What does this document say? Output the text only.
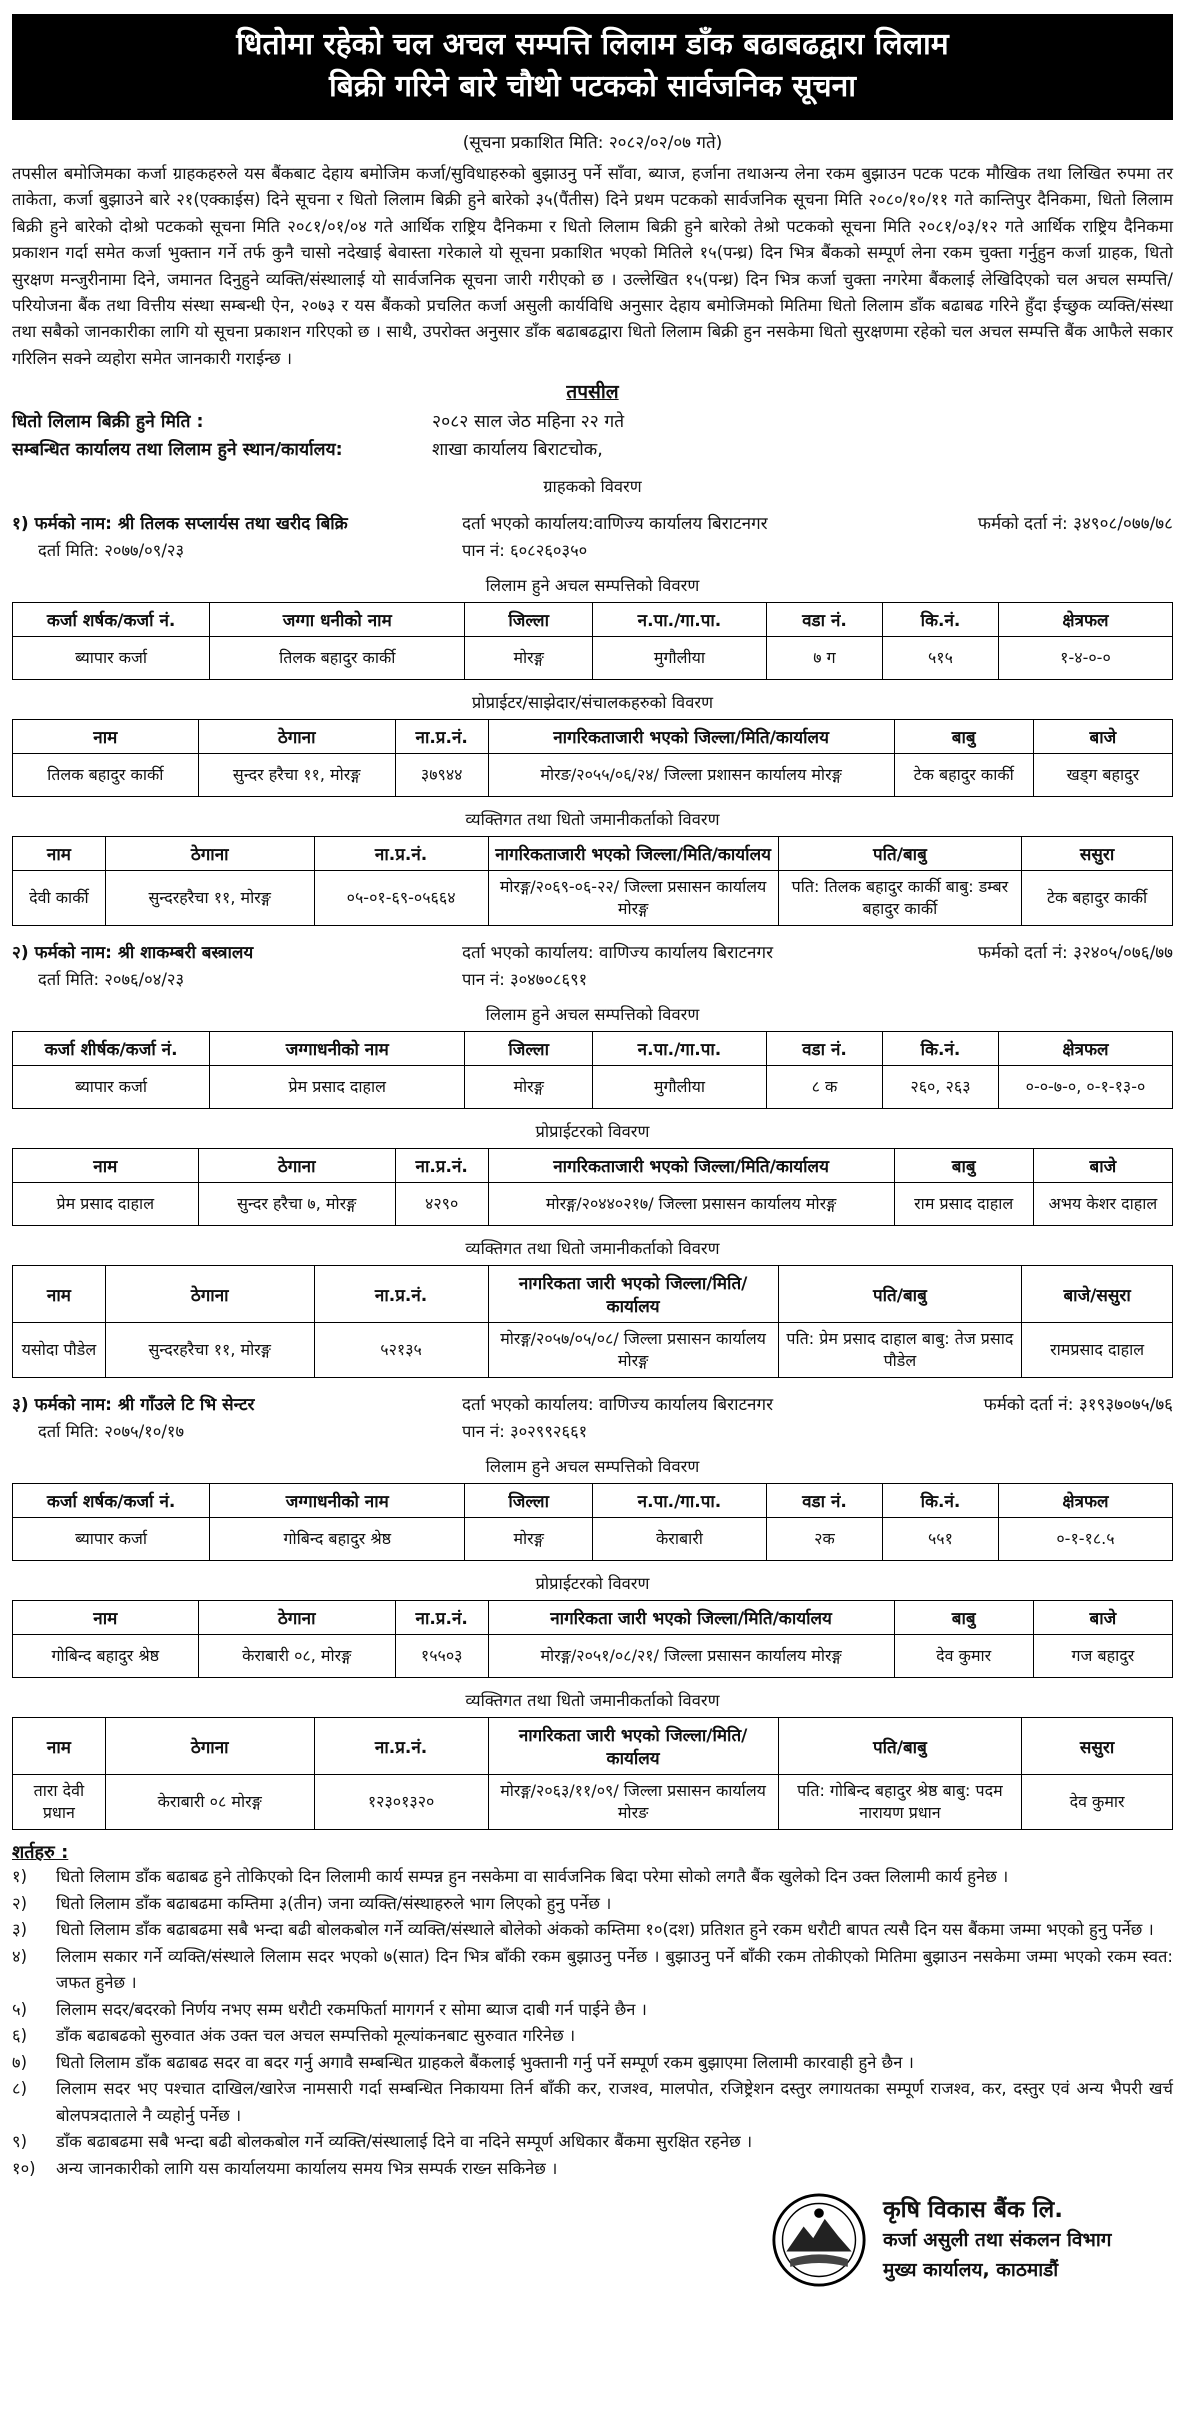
धितोमा रहेको चल अचल सम्पत्ति लिलाम डाँक बढाबढद्वारा लिलाम
बिक्री गरिने बारे चौथो पटकको सार्वजनिक सूचना
(सूचना प्रकाशित मिति: २०८२/०२/०७ गते)

तपसील बमोजिमका कर्जा ग्राहकहरुले यस बैंकबाट देहाय बमोजिम कर्जा/सुविधाहरुको बुझाउनु पर्ने साँवा, ब्याज, हर्जाना तथाअन्य लेना रकम बुझाउन पटक पटक मौखिक तथा लिखित रुपमा तर ताकेता, कर्जा बुझाउने बारे २१(एक्काईस) दिने सूचना र धितो लिलाम बिक्री हुने बारेको ३५(पैंतीस) दिने प्रथम पटकको सार्वजनिक सूचना मिति २०८०/१०/११ गते कान्तिपुर दैनिकमा, धितो लिलाम बिक्री हुने बारेको दोश्रो पटकको सूचना मिति २०८१/०१/०४ गते आर्थिक राष्ट्रिय दैनिकमा र धितो लिलाम बिक्री हुने बारेको तेश्रो पटकको सूचना मिति २०८१/०३/१२ गते आर्थिक राष्ट्रिय दैनिकमा प्रकाशन गर्दा समेत कर्जा भुक्तान गर्ने तर्फ कुनै चासो नदेखाई बेवास्ता गरेकाले यो सूचना प्रकाशित भएको मितिले १५(पन्ध्र) दिन भित्र बैंकको सम्पूर्ण लेना रकम चुक्ता गर्नुहुन कर्जा ग्राहक, धितो सुरक्षण मन्जुरीनामा दिने, जमानत दिनुहुने व्यक्ति/संस्थालाई यो सार्वजनिक सूचना जारी गरीएको छ । उल्लेखित १५(पन्ध्र) दिन भित्र कर्जा चुक्ता नगरेमा बैंकलाई लेखिदिएको चल अचल सम्पत्ति/परियोजना बैंक तथा वित्तीय संस्था सम्बन्धी ऐन, २०७३ र यस बैंकको प्रचलित कर्जा असुली कार्यविधि अनुसार देहाय बमोजिमको मितिमा धितो लिलाम डाँक बढाबढ गरिने हुँदा ईच्छुक व्यक्ति/संस्था तथा सबैको जानकारीका लागि यो सूचना प्रकाशन गरिएको छ । साथै, उपरोक्त अनुसार डाँक बढाबढद्वारा धितो लिलाम बिक्री हुन नसकेमा धितो सुरक्षणमा रहेको चल अचल सम्पत्ति बैंक आफैले सकार गरिलिन सक्ने व्यहोरा समेत जानकारी गराईन्छ ।

तपसील
धितो लिलाम बिक्री हुने मिति :	२०८२ साल जेठ महिना २२ गते
सम्बन्धित कार्यालय तथा लिलाम हुने स्थान/कार्यालय:	शाखा कार्यालय बिराटचोक,
ग्राहकको विवरण
१) फर्मको नाम: श्री तिलक सप्लार्यस तथा खरीद बिक्रि	दर्ता भएको कार्यालय:वाणिज्य कार्यालय बिराटनगर	फर्मको दर्ता नं: ३४९०८/०७७/७८
दर्ता मिति: २०७७/०९/२३	पान नं: ६०८२६०३५०
लिलाम हुने अचल सम्पत्तिको विवरण
कर्जा शर्षक/कर्जा नं.	जग्गा धनीको नाम	जिल्ला	न.पा./गा.पा.	वडा नं.	कि.नं.	क्षेत्रफल
ब्यापार कर्जा	तिलक बहादुर कार्की	मोरङ्ग	मुगौलीया	७ ग	५१५	१-४-०-०
प्रोप्राईटर/साझेदार/संचालकहरुको विवरण
नाम	ठेगाना	ना.प्र.नं.	नागरिकताजारी भएको जिल्ला/मिति/कार्यालय	बाबु	बाजे
तिलक बहादुर कार्की	सुन्दर हरैचा ११, मोरङ्ग	३७९४४	मोरङ/२०५५/०६/२४/ जिल्ला प्रशासन कार्यालय मोरङ्ग	टेक बहादुर कार्की	खड्ग बहादुर
व्यक्तिगत तथा धितो जमानीकर्ताको विवरण
नाम	ठेगाना	ना.प्र.नं.	नागरिकताजारी भएको जिल्ला/मिति/कार्यालय	पति/बाबु	ससुरा
देवी कार्की	सुन्दरहरैचा ११, मोरङ्ग	०५-०१-६९-०५६६४	मोरङ्ग/२०६९-०६-२२/ जिल्ला प्रसासन कार्यालय मोरङ्ग	पति: तिलक बहादुर कार्की बाबु: डम्बर बहादुर कार्की	टेक बहादुर कार्की
२) फर्मको नाम: श्री शाकम्बरी बस्त्रालय	दर्ता भएको कार्यालय: वाणिज्य कार्यालय बिराटनगर	फर्मको दर्ता नं: ३२४०५/०७६/७७
दर्ता मिति: २०७६/०४/२३	पान नं: ३०४७०८६९१
लिलाम हुने अचल सम्पत्तिको विवरण
कर्जा शीर्षक/कर्जा नं.	जग्गाधनीको नाम	जिल्ला	न.पा./गा.पा.	वडा नं.	कि.नं.	क्षेत्रफल
ब्यापार कर्जा	प्रेम प्रसाद दाहाल	मोरङ्ग	मुगौलीया	८ क	२६०, २६३	०-०-७-०, ०-१-१३-०
प्रोप्राईटरको विवरण
नाम	ठेगाना	ना.प्र.नं.	नागरिकताजारी भएको जिल्ला/मिति/कार्यालय	बाबु	बाजे
प्रेम प्रसाद दाहाल	सुन्दर हरैचा ७, मोरङ्ग	४२९०	मोरङ्ग/२०४४०२१७/ जिल्ला प्रसासन कार्यालय मोरङ्ग	राम प्रसाद दाहाल	अभय केशर दाहाल
व्यक्तिगत तथा धितो जमानीकर्ताको विवरण
नाम	ठेगाना	ना.प्र.नं.	नागरिकता जारी भएको जिल्ला/मिति/कार्यालय	पति/बाबु	बाजे/ससुरा
यसोदा पौडेल	सुन्दरहरैचा ११, मोरङ्ग	५२१३५	मोरङ्ग/२०५७/०५/०८/ जिल्ला प्रसासन कार्यालय मोरङ्ग	पति: प्रेम प्रसाद दाहाल बाबु: तेज प्रसाद पौडेल	रामप्रसाद दाहाल
३) फर्मको नाम: श्री गाँउले टि भि सेन्टर	दर्ता भएको कार्यालय: वाणिज्य कार्यालय बिराटनगर	फर्मको दर्ता नं: ३१९३७०७५/७६
दर्ता मिति: २०७५/१०/१७	पान नं: ३०२९९२६६१
लिलाम हुने अचल सम्पत्तिको विवरण
कर्जा शर्षक/कर्जा नं.	जग्गाधनीको नाम	जिल्ला	न.पा./गा.पा.	वडा नं.	कि.नं.	क्षेत्रफल
ब्यापार कर्जा	गोबिन्द बहादुर श्रेष्ठ	मोरङ्ग	केराबारी	२क	५५१	०-१-१८.५
प्रोप्राईटरको विवरण
नाम	ठेगाना	ना.प्र.नं.	नागरिकता जारी भएको जिल्ला/मिति/कार्यालय	बाबु	बाजे
गोबिन्द बहादुर श्रेष्ठ	केराबारी ०८, मोरङ्ग	१५५०३	मोरङ्ग/२०५१/०८/२१/ जिल्ला प्रसासन कार्यालय मोरङ्ग	देव कुमार	गज बहादुर
व्यक्तिगत तथा धितो जमानीकर्ताको विवरण
नाम	ठेगाना	ना.प्र.नं.	नागरिकता जारी भएको जिल्ला/मिति/कार्यालय	पति/बाबु	ससुरा
तारा देवी प्रधान	केराबारी ०८ मोरङ्ग	१२३०१३२०	मोरङ्ग/२०६३/११/०९/ जिल्ला प्रसासन कार्यालय मोरङ	पति: गोबिन्द बहादुर श्रेष्ठ बाबु: पदम नारायण प्रधान	देव कुमार
शर्तहरु :
१)	धितो लिलाम डाँक बढाबढ हुने तोकिएको दिन लिलामी कार्य सम्पन्न हुन नसकेमा वा सार्वजनिक बिदा परेमा सोको लगतै बैंक खुलेको दिन उक्त लिलामी कार्य हुनेछ ।
२)	धितो लिलाम डाँक बढाबढमा कम्तिमा ३(तीन) जना व्यक्ति/संस्थाहरुले भाग लिएको हुनु पर्नेछ ।
३)	धितो लिलाम डाँक बढाबढमा सबै भन्दा बढी बोलकबोल गर्ने व्यक्ति/संस्थाले बोलेको अंकको कम्तिमा १०(दश) प्रतिशत हुने रकम धरौटी बापत त्यसै दिन यस बैंकमा जम्मा भएको हुनु पर्नेछ ।
४)	लिलाम सकार गर्ने व्यक्ति/संस्थाले लिलाम सदर भएको ७(सात) दिन भित्र बाँकी रकम बुझाउनु पर्नेछ । बुझाउनु पर्ने बाँकी रकम तोकीएको मितिमा बुझाउन नसकेमा जम्मा भएको रकम स्वत: जफत हुनेछ ।
५)	लिलाम सदर/बदरको निर्णय नभए सम्म धरौटी रकमफिर्ता मागगर्न र सोमा ब्याज दाबी गर्न पाईने छैन ।
६)	डाँक बढाबढको सुरुवात अंक उक्त चल अचल सम्पत्तिको मूल्यांकनबाट सुरुवात गरिनेछ ।
७)	धितो लिलाम डाँक बढाबढ सदर वा बदर गर्नु अगावै सम्बन्धित ग्राहकले बैंकलाई भुक्तानी गर्नु पर्ने सम्पूर्ण रकम बुझाएमा लिलामी कारवाही हुने छैन ।
८)	लिलाम सदर भए पश्चात दाखिल/खारेज नामसारी गर्दा सम्बन्धित निकायमा तिर्न बाँकी कर, राजश्व, मालपोत, रजिष्ट्रेशन दस्तुर लगायतका सम्पूर्ण राजश्व, कर, दस्तुर एवं अन्य भैपरी खर्च बोलपत्रदाताले नै व्यहोर्नु पर्नेछ ।
९)	डाँक बढाबढमा सबै भन्दा बढी बोलकबोल गर्ने व्यक्ति/संस्थालाई दिने वा नदिने सम्पूर्ण अधिकार बैंकमा सुरक्षित रहनेछ ।
१०)	अन्य जानकारीको लागि यस कार्यालयमा कार्यालय समय भित्र सम्पर्क राख्न सकिनेछ ।
कृषि विकास बैंक लि.
कर्जा असुली तथा संकलन विभाग
मुख्य कार्यालय, काठमाडौं
